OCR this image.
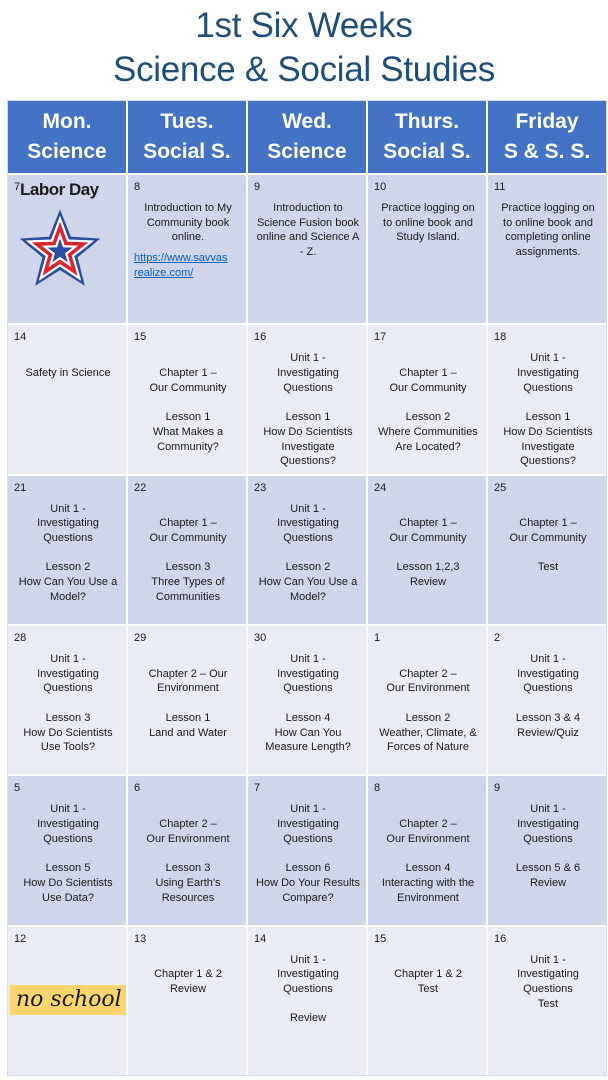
1st Six Weeks
Science & Social Studies
Mon.
Science
Tues.
Social S.
Wed.
Science
Thurs.
Social S.
Friday
S & S. S.
7 Labor Day	8
Introduction to My Community book online.
https://www.savvas
realize.com/
9
Introduction to Science Fusion book online and Science A - Z.
10
Practice logging on to online book and Study Island.
11
Practice logging on to online book and completing online assignments.
14

Safety in Science
15

Chapter 1 –
Our Community

Lesson 1
What Makes a Community?
16
Unit 1 -
Investigating Questions

Lesson 1
How Do Scientists Investigate Questions?
17

Chapter 1 –
Our Community

Lesson 2
Where Communities Are Located?
18
Unit 1 -
Investigating Questions

Lesson 1
How Do Scientists Investigate Questions?
21
Unit 1 -
Investigating Questions

Lesson 2
How Can You Use a Model?
22

Chapter 1 –
Our Community

Lesson 3
Three Types of Communities
23
Unit 1 -
Investigating Questions

Lesson 2
How Can You Use a Model?
24

Chapter 1 –
Our Community

Lesson 1,2,3
Review
25

Chapter 1 –
Our Community

Test
28
Unit 1 -
Investigating Questions

Lesson 3
How Do Scientists Use Tools?
29

Chapter 2 – Our Environment

Lesson 1
Land and Water
30
Unit 1 -
Investigating Questions

Lesson 4
How Can You Measure Length?
1

Chapter 2 –
Our Environment

Lesson 2
Weather, Climate, & Forces of Nature
2
Unit 1 -
Investigating Questions

Lesson 3 & 4
Review/Quiz
5
Unit 1 -
Investigating Questions

Lesson 5
How Do Scientists Use Data?
6

Chapter 2 –
Our Environment

Lesson 3
Using Earth's Resources
7
Unit 1 -
Investigating Questions

Lesson 6
How Do Your Results Compare?
8

Chapter 2 –
Our Environment

Lesson 4
Interacting with the Environment
9
Unit 1 -
Investigating Questions

Lesson 5 & 6
Review
12
no school
13

Chapter 1 & 2
Review
14
Unit 1 -
Investigating Questions

Review
15

Chapter 1 & 2
Test
16
Unit 1 -
Investigating Questions
Test
